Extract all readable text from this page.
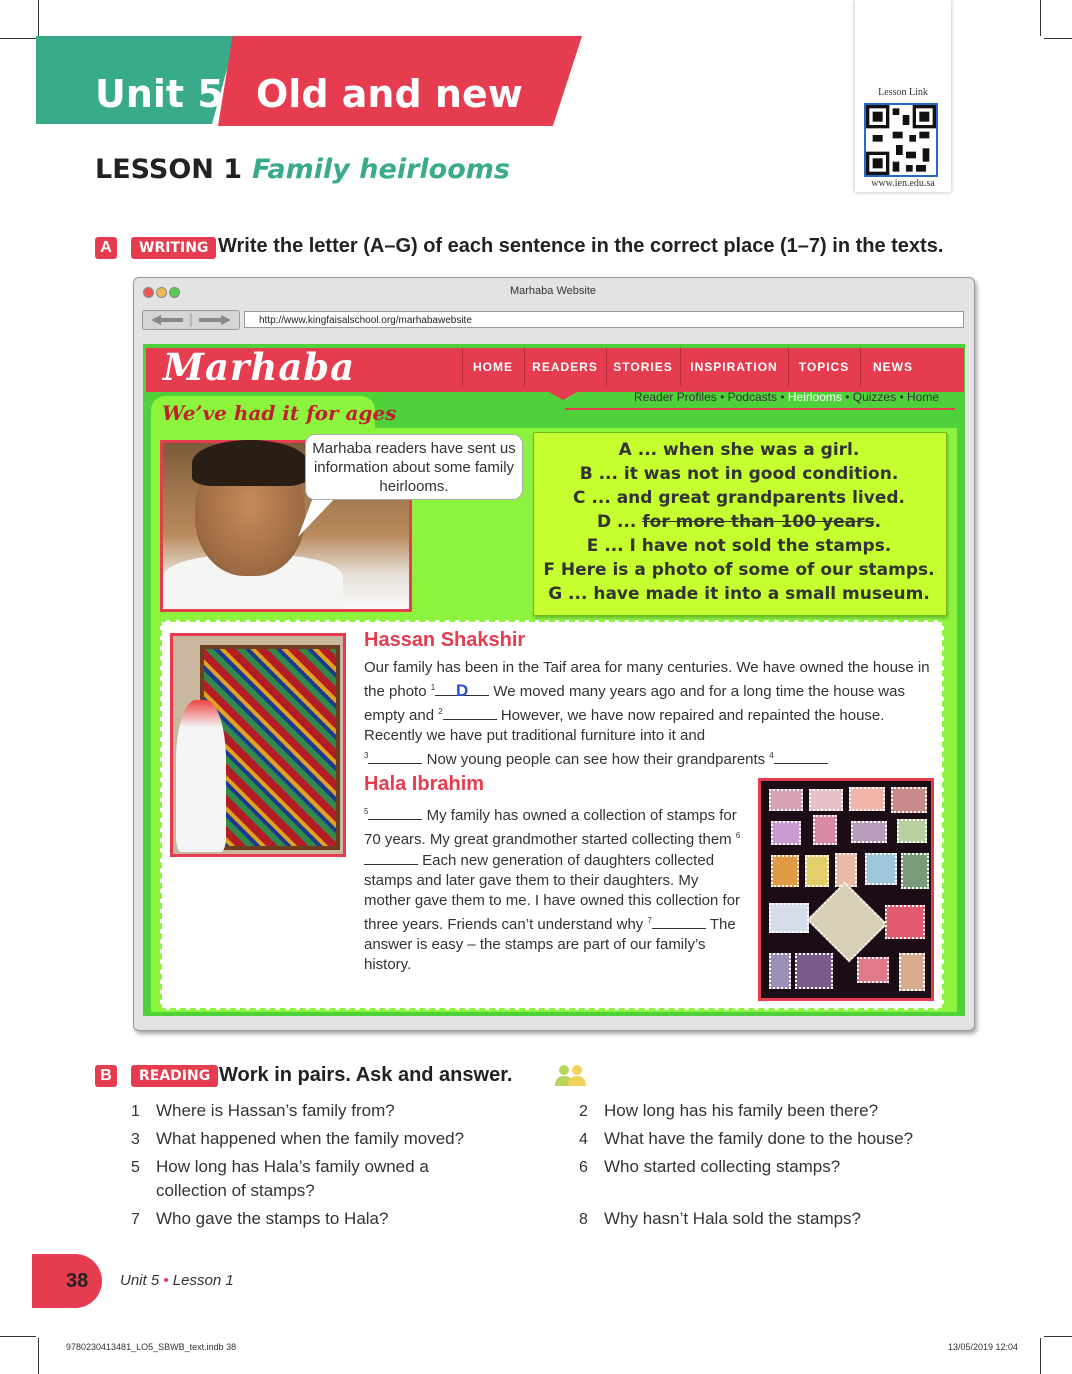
Unit 5 Old and new
LESSON 1 Family heirlooms
Lesson Link
www.ien.edu.sa
A	WRITING Write the letter (A–G) of each sentence in the correct place (1–7) in the texts.
Marhaba Website
http://www.kingfaisalschool.org/marhabawebsite
Marhaba	HOME	READERS	STORIES	INSPIRATION	TOPICS	NEWS
Reader Profiles • Podcasts • Heirlooms • Quizzes • Home
We’ve had it for ages
Marhaba readers have sent us information about some family heirlooms.
A ... when she was a girl.
B ... it was not in good condition.
C ... and great grandparents lived.
D ... for more than 100 years.
E ... I have not sold the stamps.
F Here is a photo of some of our stamps.
G ... have made it into a small museum.
Hassan Shakshir
Our family has been in the Taif area for many centuries. We have owned the house in the photo $^1$ D We moved many years ago and for a long time the house was empty and $^2$	However, we have now repaired and repainted the house. Recently we have put traditional furniture into it and
$^3$	Now young people can see how their grandparents $^4$
Hala Ibrahim
$^5$	My family has owned a collection of stamps for 70 years. My great grandmother started collecting them $^6$ Each new generation of daughters collected stamps and later gave them to their daughters. My mother gave them to me. I have owned this collection for three years. Friends can’t understand why $^7$	The answer is easy – the stamps are part of our family’s history.
B	READING Work in pairs. Ask and answer.
1 Where is Hassan’s family from?	2 How long has his family been there?
3 What happened when the family moved?	4 What have the family done to the house?
5 How long has Hala’s family owned a collection of stamps?
6 Who started collecting stamps?
7 Who gave the stamps to Hala?	8 Why hasn’t Hala sold the stamps?
38 Unit 5 • Lesson 1
9780230413481_LO5_SBWB_text.indb 38	13/05/2019 12:04
